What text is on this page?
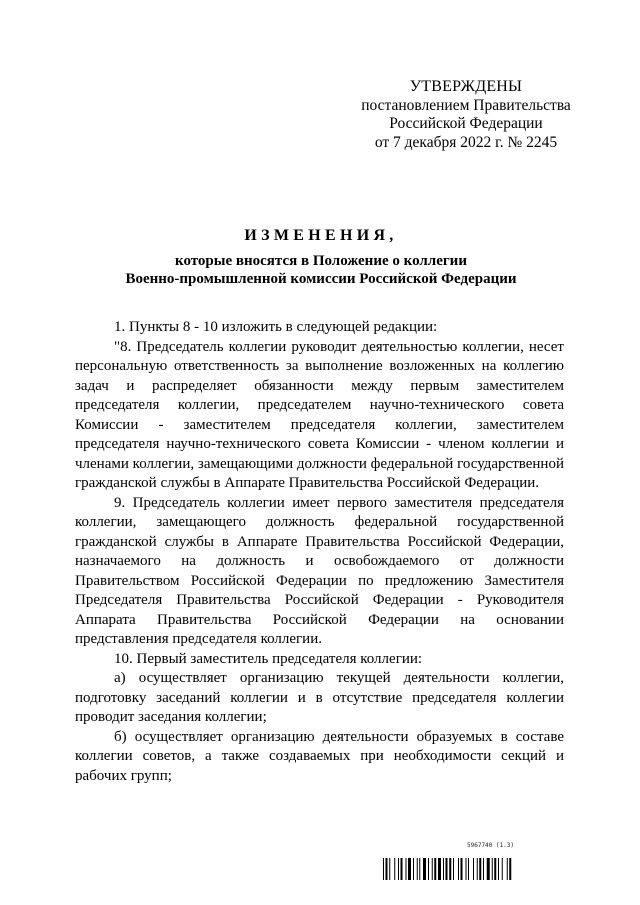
УТВЕРЖДЕНЫ
постановлением Правительства
Российской Федерации
от 7 декабря 2022 г. № 2245
ИЗМЕНЕНИЯ,
которые вносятся в Положение о коллегии
Военно-промышленной комиссии Российской Федерации

1. Пункты 8 - 10 изложить в следующей редакции:

"8. Председатель коллегии руководит деятельностью коллегии, несет персональную ответственность за выполнение возложенных на коллегию задач и распределяет обязанности между первым заместителем председателя коллегии, председателем научно-технического совета Комиссии - заместителем председателя коллегии, заместителем председателя научно-технического совета Комиссии - членом коллегии и членами коллегии, замещающими должности федеральной государственной гражданской службы в Аппарате Правительства Российской Федерации.

9. Председатель коллегии имеет первого заместителя председателя коллегии, замещающего должность федеральной государственной гражданской службы в Аппарате Правительства Российской Федерации, назначаемого на должность и освобождаемого от должности Правительством Российской Федерации по предложению Заместителя Председателя Правительства Российской Федерации - Руководителя Аппарата Правительства Российской Федерации на основании представления председателя коллегии.

10. Первый заместитель председателя коллегии:

а) осуществляет организацию текущей деятельности коллегии, подготовку заседаний коллегии и в отсутствие председателя коллегии проводит заседания коллегии;

б) осуществляет организацию деятельности образуемых в составе коллегии советов, а также создаваемых при необходимости секций и рабочих групп;

5967740 (1.3)
